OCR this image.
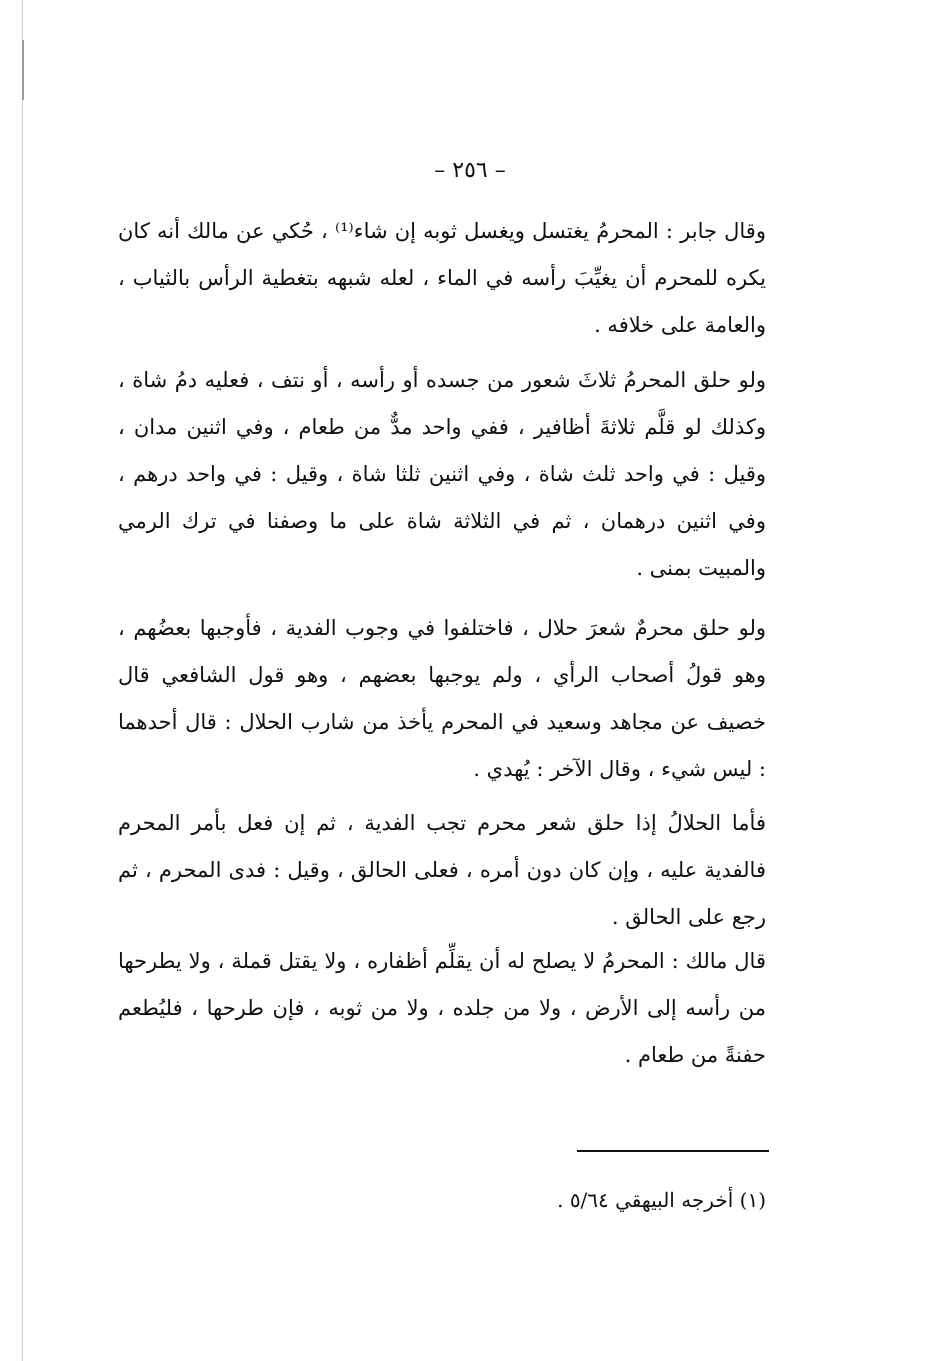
– ٢٥٦ –

وقال جابر : المحرمُ يغتسل ويغسل ثوبه إن شاء⁽¹⁾ ، حُكي عن مالك أنه كان يكره للمحرم أن يغيِّبَ رأسه في الماء ، لعله شبهه بتغطية الرأس بالثياب ، والعامة على خلافه .

ولو حلق المحرمُ ثلاثَ شعور من جسده أو رأسه ، أو نتف ، فعليه دمُ شاة ، وكذلك لو قلَّم ثلاثةَ أظافير ، ففي واحد مدٌّ من طعام ، وفي اثنين مدان ، وقيل : في واحد ثلث شاة ، وفي اثنين ثلثا شاة ، وقيل : في واحد درهم ، وفي اثنين درهمان ، ثم في الثلاثة شاة على ما وصفنا في ترك الرمي والمبيت بمنى .

ولو حلق محرمٌ شعرَ حلال ، فاختلفوا في وجوب الفدية ، فأوجبها بعضُهم ، وهو قولُ أصحاب الرأي ، ولم يوجبها بعضهم ، وهو قول الشافعي قال خصيف عن مجاهد وسعيد في المحرم يأخذ من شارب الحلال : قال أحدهما : ليس شيء ، وقال الآخر : يُهدي .

فأما الحلالُ إذا حلق شعر محرم تجب الفدية ، ثم إن فعل بأمر المحرم فالفدية عليه ، وإن كان دون أمره ، فعلى الحالق ، وقيل : فدى المحرم ، ثم رجع على الحالق .

قال مالك : المحرمُ لا يصلح له أن يقلِّم أظفاره ، ولا يقتل قملة ، ولا يطرحها من رأسه إلى الأرض ، ولا من جلده ، ولا من ثوبه ، فإن طرحها ، فليُطعم حفنةً من طعام .

(١) أخرجه البيهقي ٥/٦٤ .
